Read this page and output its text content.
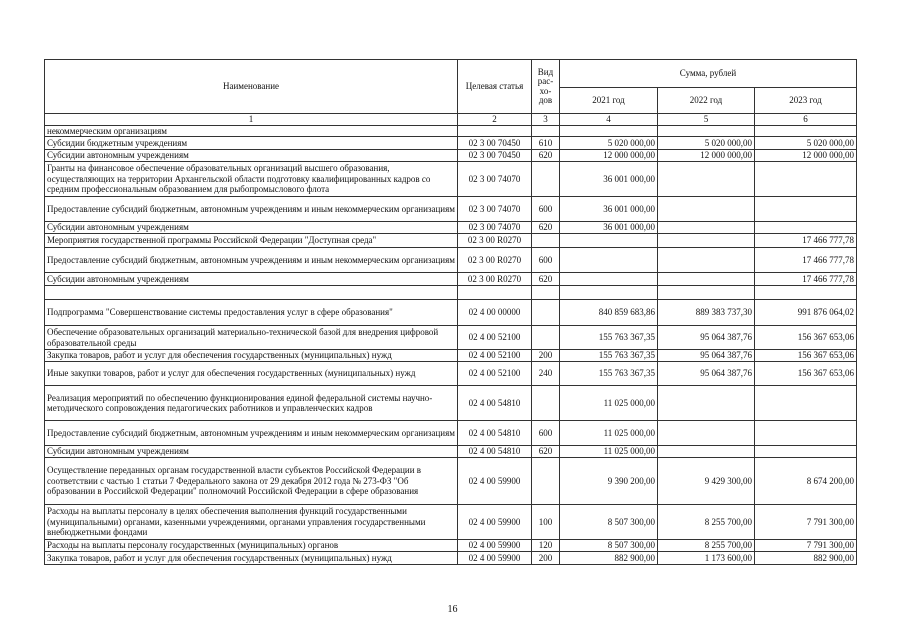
Наименование	Целевая статья	Вид
рас-
хо-
дов	Сумма, рублей		
			2021 год	2022 год	2023 год
1	2	3	4	5	6
некоммерческим организациям					
Субсидии бюджетным учреждениям	02 3 00 70450	610	5 020 000,00	5 020 000,00	5 020 000,00
Субсидии автономным учреждениям	02 3 00 70450	620	12 000 000,00	12 000 000,00	12 000 000,00
Гранты на финансовое обеспечение образовательных организаций высшего образования, осуществляющих на территории Архангельской области подготовку квалифицированных кадров со средним профессиональным образованием для рыбопромыслового флота	02 3 00 74070		36 001 000,00		
Предоставление субсидий бюджетным, автономным учреждениям и иным некоммерческим организациям	02 3 00 74070	600	36 001 000,00		
Субсидии автономным учреждениям	02 3 00 74070	620	36 001 000,00		
Мероприятия государственной программы Российской Федерации "Доступная среда"	02 3 00 R0270				17 466 777,78
Предоставление субсидий бюджетным, автономным учреждениям и иным некоммерческим организациям	02 3 00 R0270	600			17 466 777,78
Субсидии автономным учреждениям	02 3 00 R0270	620			17 466 777,78

Подпрограмма "Совершенствование системы предоставления услуг в сфере образования"	02 4 00 00000		840 859 683,86	889 383 737,30	991 876 064,02
Обеспечение образовательных организаций материально-технической базой для внедрения цифровой образовательной среды	02 4 00 52100		155 763 367,35	95 064 387,76	156 367 653,06
Закупка товаров, работ и услуг для обеспечения государственных (муниципальных) нужд	02 4 00 52100	200	155 763 367,35	95 064 387,76	156 367 653,06
Иные закупки товаров, работ и услуг для обеспечения государственных (муниципальных) нужд	02 4 00 52100	240	155 763 367,35	95 064 387,76	156 367 653,06
Реализация мероприятий по обеспечению функционирования единой федеральной системы научно-методического сопровождения педагогических работников и управленческих кадров	02 4 00 54810		11 025 000,00		
Предоставление субсидий бюджетным, автономным учреждениям и иным некоммерческим организациям	02 4 00 54810	600	11 025 000,00		
Субсидии автономным учреждениям	02 4 00 54810	620	11 025 000,00		
Осуществление переданных органам государственной власти субъектов Российской Федерации в соответствии с частью 1 статьи 7 Федерального закона от 29 декабря 2012 года № 273-ФЗ "Об образовании в Российской Федерации" полномочий Российской Федерации в сфере образования	02 4 00 59900		9 390 200,00	9 429 300,00	8 674 200,00
Расходы на выплаты персоналу в целях обеспечения выполнения функций государственными (муниципальными) органами, казенными учреждениями, органами управления государственными внебюджетными фондами	02 4 00 59900	100	8 507 300,00	8 255 700,00	7 791 300,00
Расходы на выплаты персоналу государственных (муниципальных) органов	02 4 00 59900	120	8 507 300,00	8 255 700,00	7 791 300,00
Закупка товаров, работ и услуг для обеспечения государственных (муниципальных) нужд	02 4 00 59900	200	882 900,00	1 173 600,00	882 900,00
16
